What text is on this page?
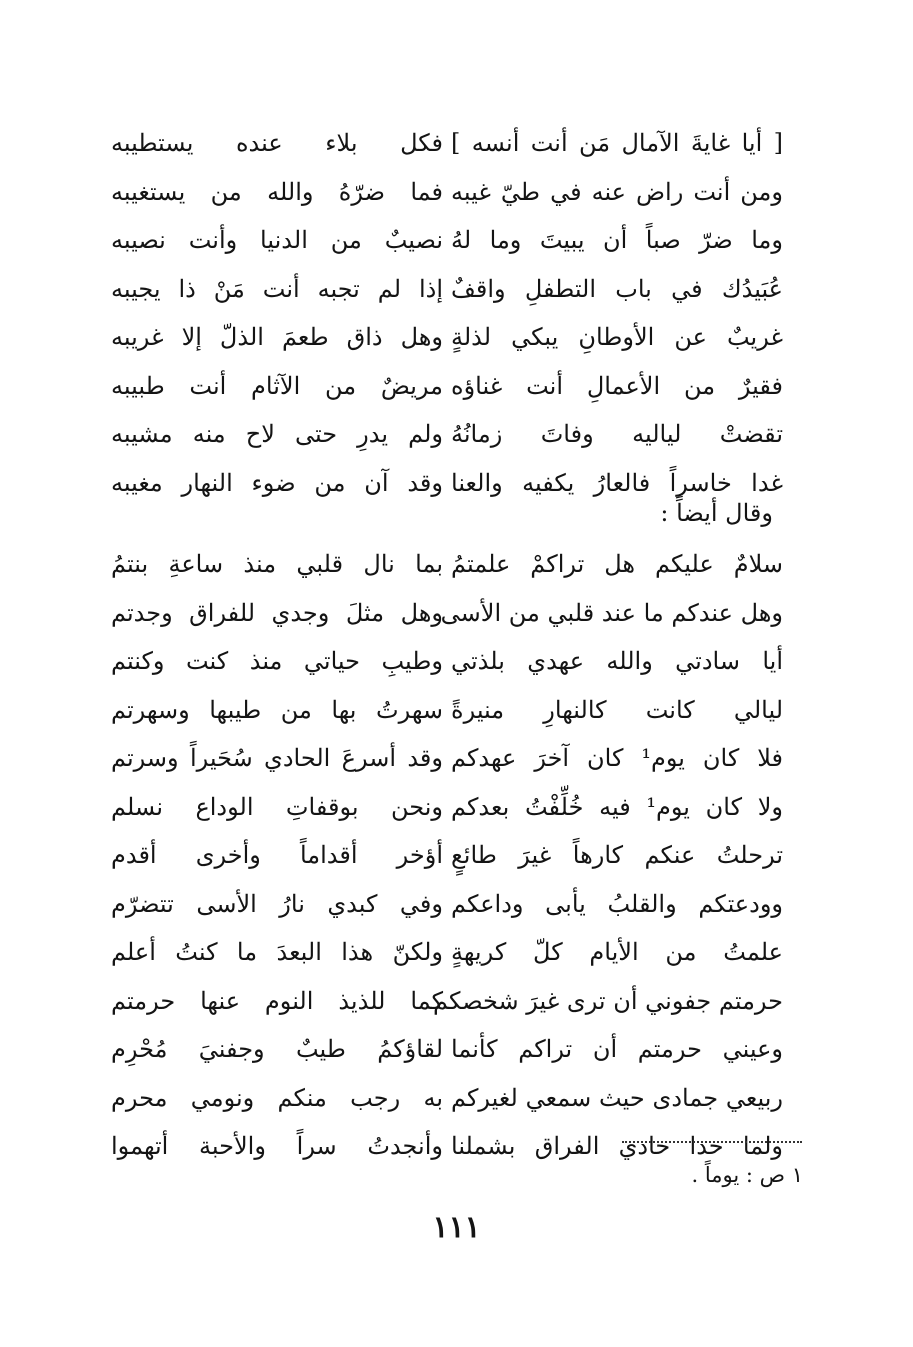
[ أيا غايةَ الآمال مَن أنت أنسه ]
فكل بلاء عنده يستطيبه
ومن أنت راض عنه في طيّ غيبه
فما ضرّهُ والله من يستغيبه
وما ضرّ صباً أن يبيتَ وما لهُ
نصيبٌ من الدنيا وأنت نصيبه
عُبَيدُك في باب التطفلِ واقفٌ
إذا لم تجبه أنت مَنْ ذا يجيبه
غريبٌ عن الأوطانِ يبكي لذلةٍ
وهل ذاق طعمَ الذلّ إلا غريبه
فقيرٌ من الأعمالِ أنت غناؤه
مريضٌ من الآثام أنت طبيبه
تقضتْ لياليه وفاتَ زمانُهُ
ولم يدرِ حتى لاح منه مشيبه
غدا خاسراً فالعارُ يكفيه والعنا
وقد آن من ضوء النهار مغيبه
وقال أيضاً :
سلامٌ عليكم هل تراكمْ علمتمُ
بما نال قلبي منذ ساعةِ بنتمُ
وهل عندكم ما عند قلبي من الأسى
وهل مثلَ وجدي للفراق وجدتم
أيا سادتي والله عهدي بلذتي
وطيبِ حياتي منذ كنت وكنتم
ليالي كانت كالنهارِ منيرةً
سهرتُ بها من طيبها وسهرتم
فلا كان يوم¹ كان آخرَ عهدكم
وقد أسرعَ الحادي سُحَيراً وسرتم
ولا كان يوم¹ فيه خُلِّفْتُ بعدكم
ونحن بوقفاتِ الوداع نسلم
ترحلتُ عنكم كارهاً غيرَ طائعٍ
أؤخر أقداماً وأخرى أقدم
وودعتكم والقلبُ يأبى وداعكم
وفي كبدي نارُ الأسى تتضرّم
علمتُ من الأيام كلّ كريهةٍ
ولكنّ هذا البعدَ ما كنتُ أعلم
حرمتم جفوني أن ترى غيرَ شخصكم
كما للذيذ النوم عنها حرمتم
وعيني حرمتم أن تراكم كأنما
لقاؤكمُ طيبٌ وجفنيَ مُحْرِم
ربيعي جمادى حيث سمعي لغيركم
به رجب منكم ونومي محرم
ولما حدا حادي الفراق بشملنا
وأنجدتُ سراً والأحبة أتهموا
١ ص : يوماً .
١١١
